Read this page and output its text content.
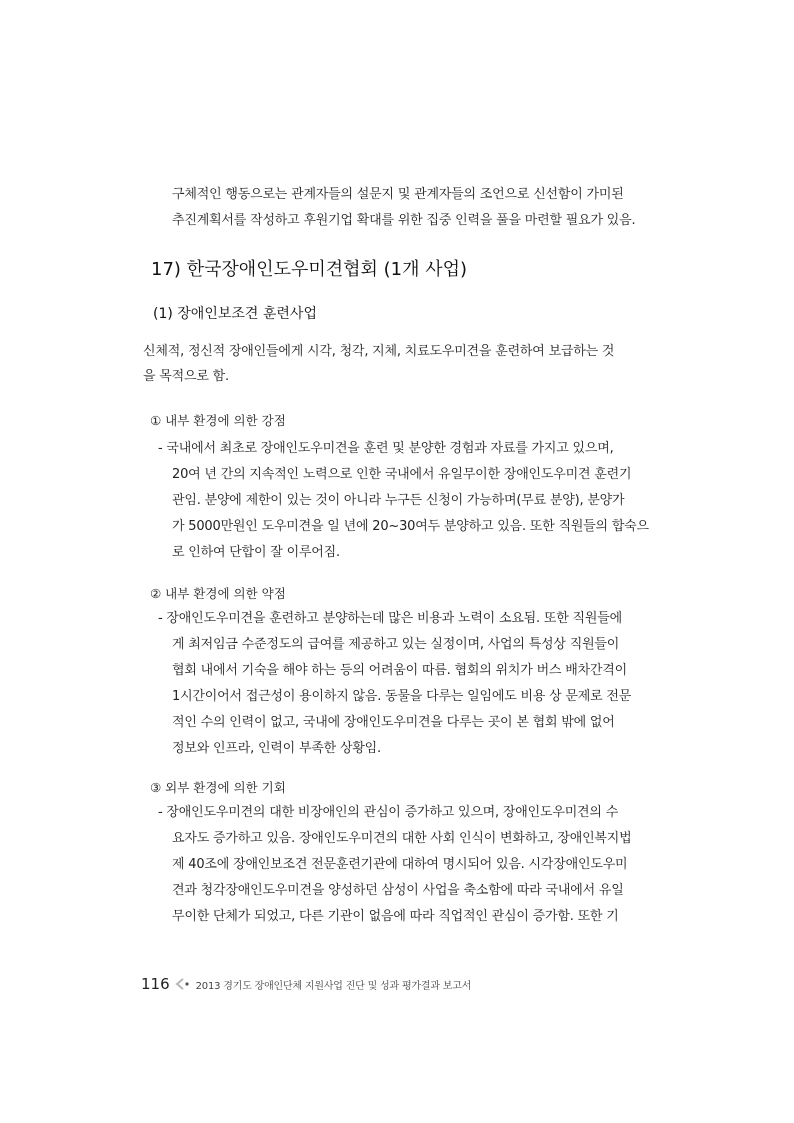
구체적인 행동으로는 관계자들의 설문지 및 관계자들의 조언으로 신선함이 가미된

추진계획서를 작성하고 후원기업 확대를 위한 집중 인력을 풀을 마련할 필요가 있음.

17) 한국장애인도우미견협회 (1개 사업)
(1) 장애인보조견 훈련사업

신체적, 정신적 장애인들에게 시각, 청각, 지체, 치료도우미견을 훈련하여 보급하는 것

을 목적으로 함.

① 내부 환경에 의한 강점

- 국내에서 최초로 장애인도우미견을 훈련 및 분양한 경험과 자료를 가지고 있으며,

20여 년 간의 지속적인 노력으로 인한 국내에서 유일무이한 장애인도우미견 훈련기

관임. 분양에 제한이 있는 것이 아니라 누구든 신청이 가능하며(무료 분양), 분양가

가 5000만원인 도우미견을 일 년에 20~30여두 분양하고 있음. 또한 직원들의 합숙으

로 인하여 단합이 잘 이루어짐.

② 내부 환경에 의한 약점

- 장애인도우미견을 훈련하고 분양하는데 많은 비용과 노력이 소요됨. 또한 직원들에

게 최저임금 수준정도의 급여를 제공하고 있는 실정이며, 사업의 특성상 직원들이

협회 내에서 기숙을 해야 하는 등의 어려움이 따름. 협회의 위치가 버스 배차간격이

1시간이어서 접근성이 용이하지 않음. 동물을 다루는 일임에도 비용 상 문제로 전문

적인 수의 인력이 없고, 국내에 장애인도우미견을 다루는 곳이 본 협회 밖에 없어

정보와 인프라, 인력이 부족한 상황임.

③ 외부 환경에 의한 기회

- 장애인도우미견의 대한 비장애인의 관심이 증가하고 있으며, 장애인도우미견의 수

요자도 증가하고 있음. 장애인도우미견의 대한 사회 인식이 변화하고, 장애인복지법

제 40조에 장애인보조견 전문훈련기관에 대하여 명시되어 있음. 시각장애인도우미

견과 청각장애인도우미견을 양성하던 삼성이 사업을 축소함에 따라 국내에서 유일

무이한 단체가 되었고, 다른 기관이 없음에 따라 직업적인 관심이 증가함. 또한 기

116	2013 경기도 장애인단체 지원사업 진단 및 성과 평가결과 보고서
